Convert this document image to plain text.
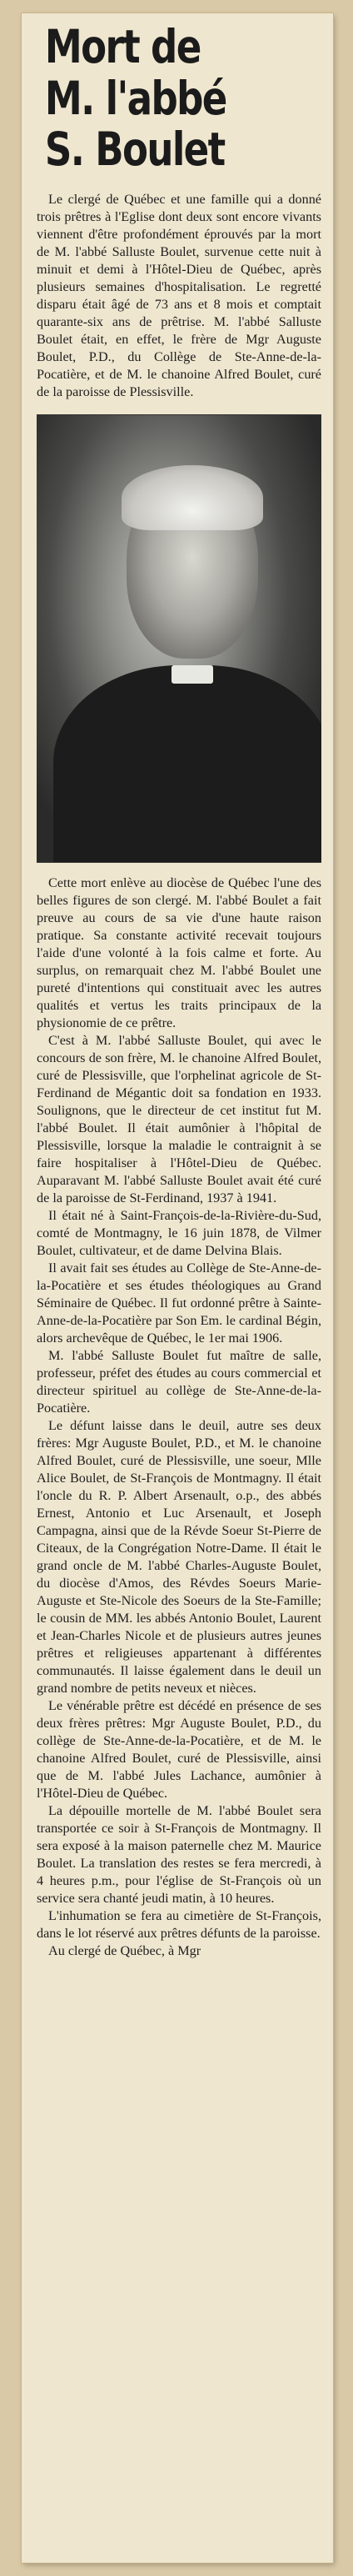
Mort de
M. l'abbé
S. Boulet

Le clergé de Québec et une famille qui a donné trois prêtres à l'Eglise dont deux sont encore vivants viennent d'être profondément éprouvés par la mort de M. l'abbé Salluste Boulet, survenue cette nuit à minuit et demi à l'Hôtel-Dieu de Québec, après plusieurs semaines d'hospitalisation. Le regretté disparu était âgé de 73 ans et 8 mois et comptait quarante-six ans de prêtrise. M. l'abbé Salluste Boulet était, en effet, le frère de Mgr Auguste Boulet, P.D., du Collège de Ste-Anne-de-la-Pocatière, et de M. le chanoine Alfred Boulet, curé de la paroisse de Plessisville.

Cette mort enlève au diocèse de Québec l'une des belles figures de son clergé. M. l'abbé Boulet a fait preuve au cours de sa vie d'une haute raison pratique. Sa constante activité recevait toujours l'aide d'une volonté à la fois calme et forte. Au surplus, on remarquait chez M. l'abbé Boulet une pureté d'intentions qui constituait avec les autres qualités et vertus les traits principaux de la physionomie de ce prêtre.

C'est à M. l'abbé Salluste Boulet, qui avec le concours de son frère, M. le chanoine Alfred Boulet, curé de Plessisville, que l'orphelinat agricole de St-Ferdinand de Mégantic doit sa fondation en 1933. Soulignons, que le directeur de cet institut fut M. l'abbé Boulet. Il était aumônier à l'hôpital de Plessisville, lorsque la maladie le contraignit à se faire hospitaliser à l'Hôtel-Dieu de Québec. Auparavant M. l'abbé Salluste Boulet avait été curé de la paroisse de St-Ferdinand, 1937 à 1941.

Il était né à Saint-François-de-la-Rivière-du-Sud, comté de Montmagny, le 16 juin 1878, de Vilmer Boulet, cultivateur, et de dame Delvina Blais.

Il avait fait ses études au Collège de Ste-Anne-de-la-Pocatière et ses études théologiques au Grand Séminaire de Québec. Il fut ordonné prêtre à Sainte-Anne-de-la-Pocatière par Son Em. le cardinal Bégin, alors archevêque de Québec, le 1er mai 1906.

M. l'abbé Salluste Boulet fut maître de salle, professeur, préfet des études au cours commercial et directeur spirituel au collège de Ste-Anne-de-la-Pocatière.

Le défunt laisse dans le deuil, autre ses deux frères: Mgr Auguste Boulet, P.D., et M. le chanoine Alfred Boulet, curé de Plessisville, une soeur, Mlle Alice Boulet, de St-François de Montmagny. Il était l'oncle du R. P. Albert Arsenault, o.p., des abbés Ernest, Antonio et Luc Arsenault, et Joseph Campagna, ainsi que de la Révde Soeur St-Pierre de Citeaux, de la Congrégation Notre-Dame. Il était le grand oncle de M. l'abbé Charles-Auguste Boulet, du diocèse d'Amos, des Révdes Soeurs Marie-Auguste et Ste-Nicole des Soeurs de la Ste-Famille; le cousin de MM. les abbés Antonio Boulet, Laurent et Jean-Charles Nicole et de plusieurs autres jeunes prêtres et religieuses appartenant à différentes communautés. Il laisse également dans le deuil un grand nombre de petits neveux et nièces.

Le vénérable prêtre est décédé en présence de ses deux frères prêtres: Mgr Auguste Boulet, P.D., du collège de Ste-Anne-de-la-Pocatière, et de M. le chanoine Alfred Boulet, curé de Plessisville, ainsi que de M. l'abbé Jules Lachance, aumônier à l'Hôtel-Dieu de Québec.

La dépouille mortelle de M. l'abbé Boulet sera transportée ce soir à St-François de Montmagny. Il sera exposé à la maison paternelle chez M. Maurice Boulet. La translation des restes se fera mercredi, à 4 heures p.m., pour l'église de St-François où un service sera chanté jeudi matin, à 10 heures.

L'inhumation se fera au cimetière de St-François, dans le lot réservé aux prêtres défunts de la paroisse.

Au clergé de Québec, à Mgr
